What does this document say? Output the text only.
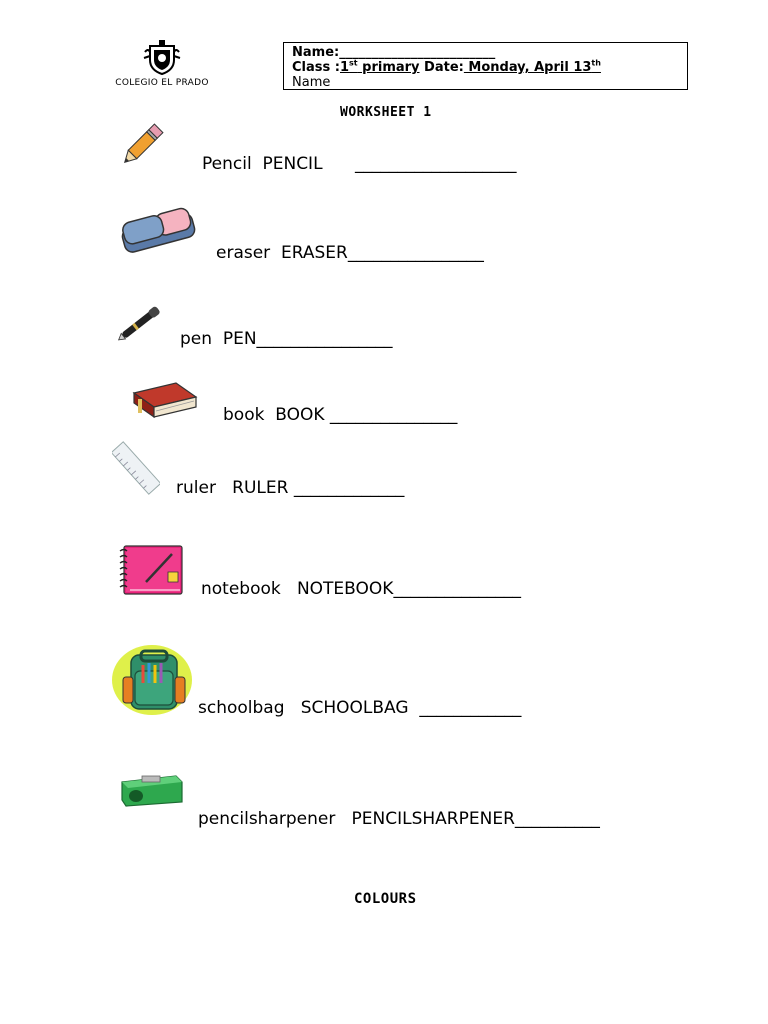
COLEGIO EL PRADO
Name:________________________
Class :1st primary Date: Monday, April 13th
Name
WORKSHEET 1
Pencil  PENCIL      ___________________
eraser  ERASER________________
pen  PEN________________
book  BOOK _______________
ruler   RULER _____________
notebook   NOTEBOOK_______________
schoolbag   SCHOOLBAG  ____________
pencilsharpener   PENCILSHARPENER__________
COLOURS
